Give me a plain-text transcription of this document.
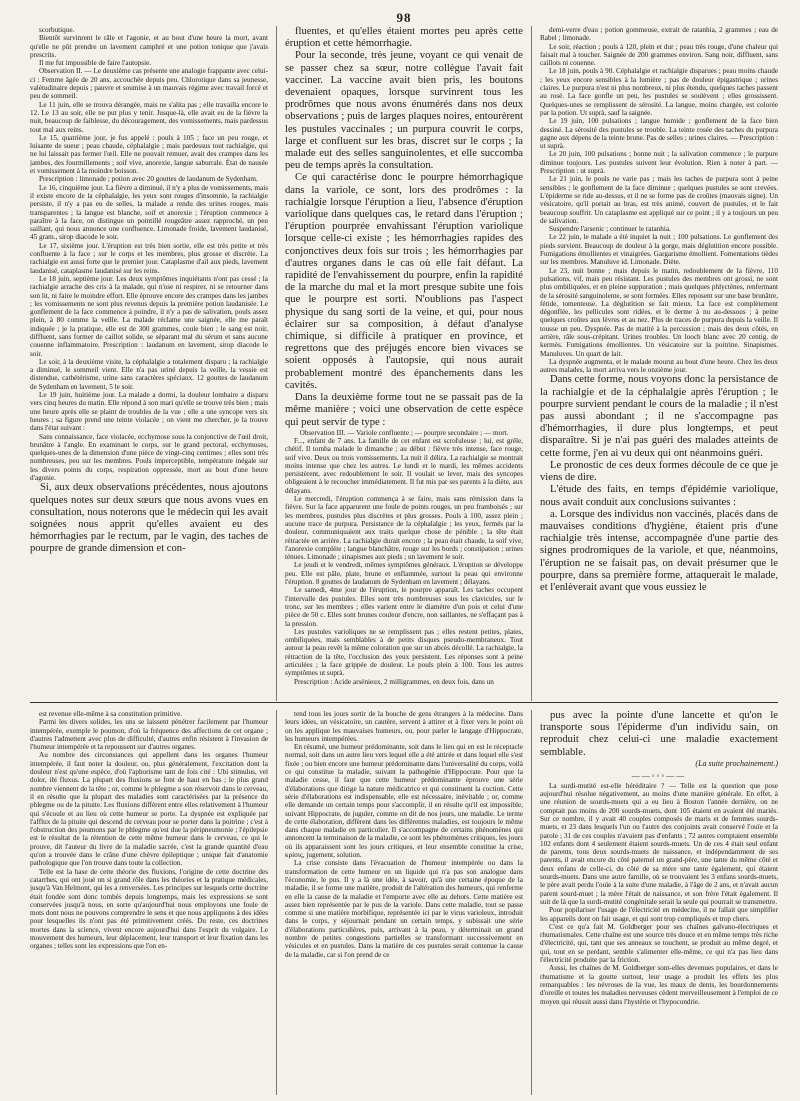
98

scorbutique.

Bientôt survinrent le râle et l'agonie, et au bout d'une heure la mort, avant qu'elle ne pût prendre un lavement camphré et une potion tonique que j'avais prescrits.

Il me fut impossible de faire l'autopsie.

Observation II. — Le deuxième cas présente une analogie frappante avec celui-ci : Femme âgée de 20 ans, accouchée depuis peu. Chlorotique dans sa jeunesse, valétudinaire depuis ; pauvre et soumise à un mauvais régime avec travail forcé et peu de sommeil.

Le 11 juin, elle se trouva dérangée, mais ne s'alita pas ; elle travailla encore le 12. Le 13 au soir, elle ne put plus y tenir. Jusque-là, elle avait eu de la fièvre la nuit, beaucoup de faiblesse, du découragement, des vomissements, mais pardessus tout mal aux reins.

Le 15, quatrième jour, je fus appelé : pouls à 105 ; face un peu rouge, et luisante de sueur ; peau chaude, céphalalgie ; mais pardessus tout rachialgie, qui ne lui laissait pas fermer l'œil. Elle ne pouvait remuer, avait des crampes dans les jambes, des fourmillements ; soif vive, anorexie, langue saburrale. État de nausée et vomissement à la moindre boisson.

Prescription : limonade ; potion avec 20 gouttes de laudanum de Sydenham.

Le 16, cinquième jour. La fièvre a diminué, il n'y a plus de vomissements, mais il existe encore de la céphalalgie, les yeux sont rouges d'insomnie, la rachialgie persiste, il n'y a pas eu de selles, la malade a rendu des urines rouges, mais transparentes ; la langue est blanche, soif et anorexie ; l'éruption commence à paraître à la face, on distingue un pointillé rougeâtre assez rapproché, un peu saillant, qui nous annonce une confluence. Limonade froide, lavement laudanisé, 45 gram., sirop diacode le soir.

Le 17, sixième jour. L'éruption est très bien sortie, elle est très petite et très confluente à la face ; sur le corps et les membres, plus grosse et discrète. La rachialgie est aussi forte que le premier jour. Cataplasme d'ail aux pieds, lavement laudanisé, cataplasme laudanisé sur les reins.

Le 18 juin, septième jour. Les deux symptômes inquiétants n'ont pas cessé ; la rachialgie arrache des cris à la malade, qui n'ose ni respirer, ni se retourner dans son lit, ni faire le moindre effort. Elle éprouve encore des crampes dans les jambes ; les vomissements ne sont plus revenus depuis la première potion laudanisée. Le gonflement de la face commence à poindre, il n'y a pas de salivation, pouls assez plein, à 80 comme la veille. La malade réclame une saignée, elle me paraît indiquée ; je la pratique, elle est de 300 grammes, coule bien ; le sang est noir, diffluent, sans former de caillot solide, se séparant mal du sérum et sans aucune couenne inflammatoire. Prescription : laudanum en lavement, sirop diacode le soir.

Le soir, à la deuxième visite, la céphalalgie a totalement disparu ; la rachialgie a diminué, le sommeil vient. Elle n'a pas uriné depuis la veille, la vessie est distendue, cathétérisme, urine sans caractères spéciaux. 12 gouttes de laudanum de Sydenham en lavement, 5 le soir.

Le 19 juin, huitième jour. La malade a dormi, la douleur lombaire a disparu vers cinq heures du matin. Elle répond à son mari qu'elle se trouve très bien ; mais une heure après elle se plaint de troubles de la vue ; elle a une syncope vers six heures ; sa figure prend une teinte violacée ; on vient me chercher, je la trouve dans l'état suivant :

Sans connaissance, face violacée, ecchymose sous la conjonctive de l'œil droit, brunâtre à l'angle. En examinant le corps, sur le grand pectoral, ecchymoses, quelques-unes de la dimension d'une pièce de vingt-cinq centimes ; elles sont très nombreuses, peu sur les membres. Pouls imperceptible, température inégale sur les divers points du corps, respiration oppressée, mort au bout d'une heure d'agonie.

Si, aux deux observations précédentes, nous ajoutons quelques notes sur deux sœurs que nous avons vues en consultation, nous noterons que le médecin qui les avait soignées nous apprit qu'elles avaient eu des hémorrhagies par le rectum, par le vagin, des taches de pourpre de grande dimension et con-

fluentes, et qu'elles étaient mortes peu après cette éruption et cette hémorrhagie.

Pour la seconde, très jeune, voyant ce qui venait de se passer chez sa sœur, notre collègue l'avait fait vacciner. La vaccine avait bien pris, les boutons devenaient opaques, lorsque survinrent tous les prodrômes que nous avons énumérés dans nos deux observations ; puis de larges plaques noires, entourèrent les pustules vaccinales ; un purpura couvrit le corps, large et confluent sur les bras, discret sur le corps ; la malade eut des selles sanguinolentes, et elle succomba peu de temps après la consultation.

Ce qui caractérise donc le pourpre hémorrhagique dans la variole, ce sont, lors des prodrômes : la rachialgie lorsque l'éruption a lieu, l'absence d'éruption variolique dans quelques cas, le retard dans l'éruption ; l'éruption pourprée envahissant l'éruption variolique lorsque celle-ci existe ; les hémorrhagies rapides des conjonctives deux fois sur trois ; les hémorrhagies par d'autres organes dans le cas où elle fait défaut. La rapidité de l'envahissement du pourpre, enfin la rapidité de la marche du mal et la mort presque subite une fois que le pourpre est sorti. N'oublions pas l'aspect physique du sang sorti de la veine, et qui, pour nous éclairer sur sa composition, à défaut d'analyse chimique, si difficile à pratiquer en province, et regrettons que des préjugés encore bien vivaces se soient opposés à l'autopsie, qui nous aurait probablement montré des épanchements dans les cavités.

Dans la deuxième forme tout ne se passait pas de la même manière ; voici une observation de cette espèce qui peut servir de type :

Observation III. — Variole confluente ; — pourpre secondaire ; — mort.

F..., enfant de 7 ans. La famille de cet enfant est scrofuleuse ; lui, est grêle, chétif. Il tomba malade le dimanche ; au début : fièvre très intense, face rouge, soif vive. Deux ou trois vomissements. La nuit il délira. La rachialgie se montrait moins intense que chez les autres. Le lundi et le mardi, les mêmes accidents persistèrent, avec redoublement le soir. Il voulait se lever, mais des syncopes obligeaient à le recoucher immédiatement. Il fut mis par ses parents à la diète, aux délayans.

Le mercredi, l'éruption commença à se faire, mais sans rémission dans la fièvre. Sur la face apparurent une foule de points rouges, un peu framboisés ; sur les membres, pustules plus discrètes et plus grosses. Pouls à 100, assez plein ; aucune trace de purpura. Persistance de la céphalalgie ; les yeux, fermés par la douleur, communiquaient aux traits quelque chose de pénible ; la tête était rétractée en arrière. La rachialgie durait encore ; la peau était chaude, la soif vive, l'anorexie complète ; langue blanchâtre, rouge sur les bords ; constipation ; urines ténues. Limonade ; sinapismes aux pieds ; un lavement le soir.

Le jeudi et le vendredi, mêmes symptômes généraux. L'éruption se développe peu. Elle est pâle, plate, brune et enflammée, surtout la peau qui environne l'éruption. 8 gouttes de laudanum de Sydenham en lavement ; délayans.

Le samedi, 4me jour de l'éruption, le pourpre apparaît. Les taches occupent l'intervalle des pustules. Elles sont très nombreuses sous les clavicules, sur le tronc, sur les membres ; elles varient entre le diamètre d'un pois et celui d'une pièce de 50 c. Elles sont brunes couleur d'encre, non saillantes, ne s'effaçant pas à la pression.

Les pustules varioliques ne se remplissent pas ; elles restent petites, plates, ombiliquées, mais semblables à de petits disques pseudo-membraneux. Tout autour la peau revêt la même coloration que sur un abcès décollé. La rachialgie, la rétraction de la tête, l'occlusion des yeux persistent. Les réponses sont à peine articulées ; la face grippée de douleur. Le pouls plein à 100. Tous les autres symptômes ut suprà.

Prescription : Acide arsénieux, 2 milligrammes, en deux fois, dans un

demi-verre d'eau ; potion gommeuse, extrait de ratanhia, 2 grammes ; eau de Rabel ; limonade.

Le soir, réaction ; pouls à 120, plein et dur ; peau très rouge, d'une chaleur qui faisait mal à toucher. Saignée de 200 grammes environ. Sang noir, diffluent, sans caillots ni couenne.

Le 18 juin, pouls à 90. Céphalalgie et rachialgie disparues ; peau moins chaude ; les yeux encore sensibles à la lumière ; pas de douleur épigastrique ; urines claires. Le purpura n'est ni plus nombreux, ni plus étendu, quelques taches passent au rosé. La face gonfle un peu, les pustules se soulèvent ; elles grossissent. Quelques-unes se remplissent de sérosité. La langue, moins chargée, est colorée par la potion. Ut suprà, sauf la saignée.

Le 19 juin, 100 pulsations ; langue humide ; gonflement de la face bien dessiné. La sérosité des pustules se trouble. La teinte rosée des taches du purpura gagne aux dépens de la teinte brune. Pas de selles ; urines claires. — Prescription : ut suprà.

Le 20 juin, 100 pulsations ; bonne nuit ; la salivation commence ; le purpure diminue toujours. Les pustules suivent leur évolution. Rien à noter à part. — Prescription : ut suprà.

Le 21 juin, le pouls ne varie pas ; mais les taches de purpura sont à peine sensibles ; le gonflement de la face diminue ; quelques pustules se sont crevées. L'épiderme se ride au-dessus, et il ne se forme pas de croûtes (mauvais signe). Un vésicatoire, qu'il portait au bras, est très animé, couvert de pustules, et le fait beaucoup souffrir. Un cataplasme est appliqué sur ce point ; il y a toujours un peu de salivation.

Suspendre l'arsenic ; continuer le ratanhia.

Le 22 juin, le malade a été inquiet la nuit ; 100 pulsations. Le gonflement des pieds survient. Beaucoup de douleur à la gorge, mais déglutition encore possible. Fumigations émollientes et vinaigrées. Gargarisme émollient. Fomentations tièdes sur les membres. Manuluve id. Limonade. Diète.

Le 23, nuit bonne ; mais depuis le matin, redoublement de la fièvre, 110 pulsations, vif, mais peu résistant. Les pustules des membres ont grossi, ne sont plus ombiliquées, et en pleine suppuration ; mais quelques phlyctènes, renfermant de la sérosité sanguinolente, se sont formées. Elles reposent sur une base brunâtre, fétide, tomenteuse. La déglutition se fait mieux. La face est complètement dégonflée, les pellicules sont ridées, et le derme à nu au-dessous ; à peine quelques croûtes aux lèvres et au nez. Plus de traces de purpura depuis la veille. Il tousse un peu. Dyspnée. Pas de matité à la percussion ; mais des deux côtés, en arrière, râle sous-crépitant. Urines troubles. Un looch blanc avec 20 centig. de kermès. Fumigations émollientes. Un vésicatoire sur la poitrine. Sinapismes. Manuluves. Un quart de lait.

La dyspnée augmenta, et le malade mourut au bout d'une heure. Chez les deux autres malades, la mort arriva vers le onzième jour.

Dans cette forme, nous voyons donc la persistance de la rachialgie et de la céphalalgie après l'éruption ; le pourpre survient pendant le cours de la maladie ; il n'est pas aussi abondant ; il ne s'accompagne pas d'hémorrhagies, il dure plus longtemps, et peut disparaître. Si je n'ai pas guéri des malades atteints de cette forme, j'en ai vu deux qui ont néanmoins guéri.

Le pronostic de ces deux formes découle de ce que je viens de dire.

L'étude des faits, en temps d'épidémie variolique, nous avait conduit aux conclusions suivantes :

a. Lorsque des individus non vaccinés, placés dans de mauvaises conditions d'hygiène, étaient pris d'une rachialgie très intense, accompagnée d'une partie des signes prodromiques de la variole, et que, néanmoins, l'éruption ne se faisait pas, on devait présumer que le pourpre, dans sa première forme, attaquerait le malade, et l'enlèverait avant que vous eussiez le

est revenue elle-même à sa constitution primitive.

Parmi les divers solides, les uns se laissent pénétrer facilement par l'humeur intempérée, exemple le poumon, d'où la fréquence des affections de cet organe ; d'autres l'admettent avec plus de difficulté, d'autres enfin résistent à l'invasion de l'humeur intempérée et la repoussent sur d'autres organes.

Au nombre des circonstances qui appellent dans les organes l'humeur intempérée, il faut noter la douleur, ou, plus généralement, l'excitation dont la douleur n'est qu'une espèce, d'où l'aphorisme tant de fois cité : Ubi stimulus, vel dolor, ibi fluxus. La plupart des fluxions se font de haut en bas ; le plus grand nombre viennent de la tête ; or, comme le phlegme a son réservoir dans le cerveau, il en résulte que la plupart des maladies sont caractérisées par la présence du phlegme ou de la pituite. Les fluxions diffèrent entre elles relativement à l'humeur qui s'écoule et au lieu où cette humeur se porte. La dyspnée est expliquée par l'afflux de la pituite qui descend du cerveau pour se porter dans la poitrine ; c'est à l'obstruction des poumons par le phlegme qu'est due la péripneumonie ; l'épilepsie est le résultat de la rétention de cette même humeur dans le cerveau, ce qui le prouve, dit l'auteur du livre de la maladie sacrée, c'est la grande quantité d'eau qu'on a trouvée dans le crâne d'une chèvre épileptique ; unique fait d'anatomie pathologique que l'on trouve dans toute la collection.

Telle est la base de cette théorie des fluxions, l'origine de cette doctrine des catarrhes, qui ont joué un si grand rôle dans les théories et la pratique médicales, jusqu'à Van Helmont, qui les a renversées. Les principes sur lesquels cette doctrine était fondée sont donc tombés depuis longtemps, mais les expressions se sont conservées jusqu'à nous, en sorte qu'aujourd'hui nous employons une foule de mots dont nous ne pouvons comprendre le sens et que nous appliquons à des idées pour lesquelles ils n'ont pas été primitivement créés. Du reste, ces doctrines mortes dans la science, vivent encore aujourd'hui dans l'esprit du vulgaire. Le mouvement des humeurs, leur déplacement, leur transport et leur fixation dans les organes ; telles sont les expressions que l'on en-

tend tous les jours sortir de la bouche de gens étrangers à la médecine. Dans leurs idées, un vésicatoire, un cautère, servent à attirer et à fixer vers le point où on les applique les mauvaises humeurs, ou, pour parler le langage d'Hippocrate, les humeurs intempérées.

En résumé, une humeur prédominante, soit dans le lieu qui en est le réceptacle normal, soit dans un autre lieu vers lequel elle a été attirée et dans lequel elle s'est fixée ; ou bien encore une humeur prédominante dans l'universalité du corps, voilà ce qui constitue la maladie, suivant la pathogénie d'Hippocrate. Pour que la maladie cesse, il faut que cette humeur prédominante éprouve une série d'élaborations que dirige la nature médicatrice et qui constituent la coction. Cette série d'élaborations est indispensable, elle est nécessaire, inévitable ; or, comme elle demande un certain temps pour s'accomplir, il en résulte qu'il est impossible, suivant Hippocrate, de juguler, comme on dit de nos jours, une maladie. Le terme de cette élaboration, diffèrent dans les différentes maladies, est toujours le même dans chaque maladie en particulier. Il s'accompagne de certains phénomènes qui annoncent la terminaison de la maladie, ce sont les phénomènes critiques, les jours où ils apparaissent sont les jours critiques, et leur ensemble constitue la crise, κρίσις, jugement, solution.

La crise consiste dans l'évacuation de l'humeur intempérée ou dans la transformation de cette humeur en un liquide qui n'a pas son analogue dans l'économie, le pus. Il y a là une idée, à savoir, qu'à une certaine époque de la maladie, il se forme une matière, produit de l'altération des humeurs, qui renferme en elle la cause de la maladie et l'emporte avec elle au dehors. Cette matière est assez bien représentée par le pus de la variole. Dans cette maladie, tout se passe comme si une matière morbifique, représentée ici par le virus varioleux, introduit dans le corps, y séjournait pendant un certain temps, y subissait une série d'élaborations particulières, puis, arrivant à la peau, y déterminait un grand nombre de petites congestions partielles se transformant successivement en vésicules et en pustules. Dans la matière de ces pustules serait contenue la cause de la maladie, car si l'on prend de ce

pus avec la pointe d'une lancette et qu'on le transporte sous l'épiderme d'un individu sain, on reproduit chez celui-ci une maladie exactement semblable.

(La suite prochainement.)

——◦◦◦——

La surdi-mutité est-elle héréditaire ? — Telle est la question que pose aujourd'hui résolue négativement, au moins d'une manière générale. En effet, à une réunion de sourds-muets qui a eu lieu à Boston l'année dernière, on ne comptait pas moins de 200 sourds-muets, dont 105 étaient en avaient été mariés. Sur ce nombre, il y avait 40 couples composés de maris et de femmes sourds-muets, et 23 dans lesquels l'un ou l'autre des conjoints avait conservé l'ouïe et la parole ; 31 de ces couples n'avaient pas d'enfants ; 72 autres comptaient ensemble 102 enfants dont 4 seulement étaient sourds-muets. Un de ces 4 était seul enfant de parents, tous deux sourds-muets de naissance, et indépendamment de ses parents, il avait encore du côté paternel un grand-père, une tante du même côté et deux enfans de celle-ci, du côté de sa mère une tante également, qui étaient sourds-muets. Dans une autre famille, où se trouvaient les 3 enfans sourds-muets, le père avait perdu l'ouïe à la suite d'une maladie, à l'âge de 2 ans, et n'avait aucun parent sourd-muet ; la mère l'était de naissance, et son frère l'était également. Il suit de là que la surdi-mutité congénitale serait la seule qui pourrait se transmettre.

Pour popilariser l'usage de l'électricité en médecine, il ne fallait que simplifier les appareils dont on fait usage, et qui sont trop compliqués et trop chers.

C'est ce qu'a fait M. Goldberger pour ses chaînes galvano-électriques et rhumatismales. Cette chaîne est une source très douce et en même temps très riche d'électricité, qui, tant que ses anneaux se touchent, se produit au même degré, et qui, tout en se perdant, semble s'alimenter elle-même, ce qui n'a pas lieu dans l'électricité produite par la friction.

Aussi, les chaînes de M. Goldberger sont-elles devenues populaires, et dans le rhumatisme et la goutte surtout, leur usage a produit les effets les plus remarquables : les névroses de la vue, les maux de dents, les bourdonnements d'oreille et toutes les maladies nerveuses cèdent merveilleusement à l'emploi de ce moyen qui réussit aussi dans l'hystérie et l'hypocondrie.
